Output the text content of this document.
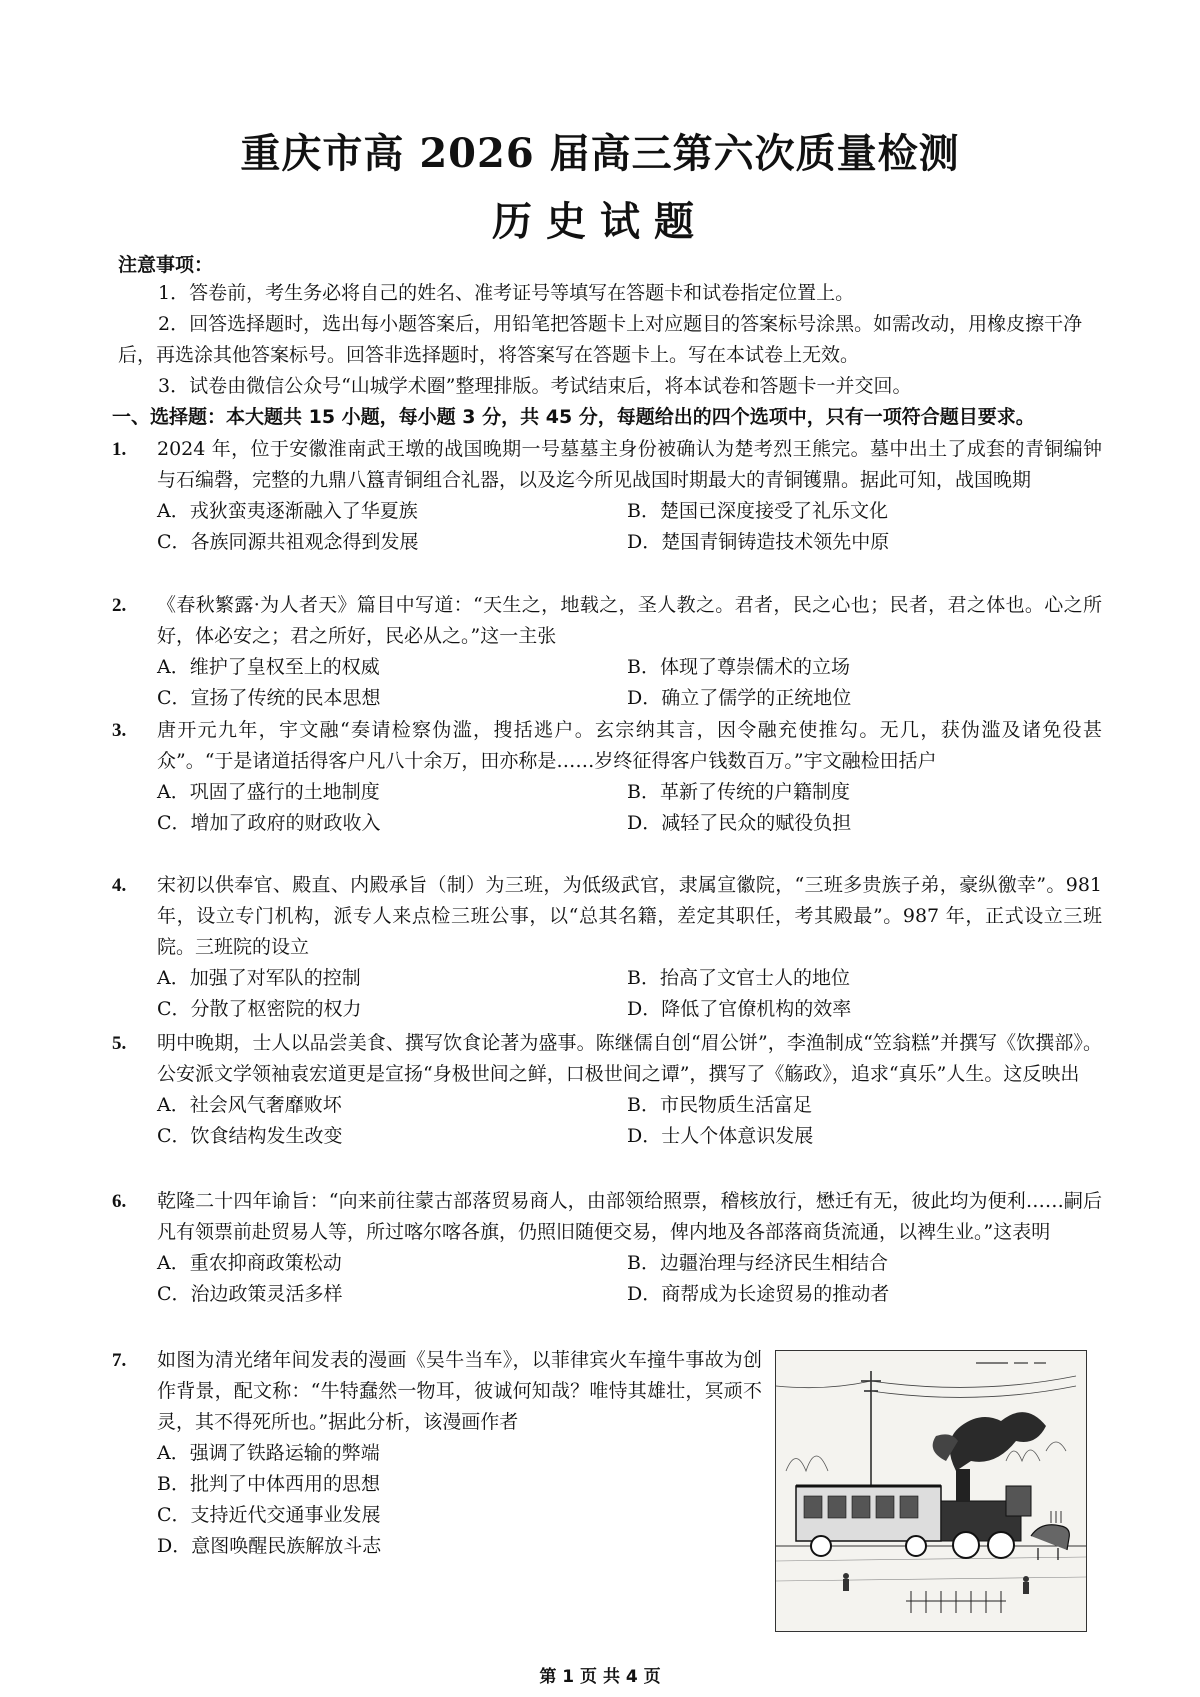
重庆市高 2026 届高三第六次质量检测
历史试题
注意事项：
1．答卷前，考生务必将自己的姓名、准考证号等填写在答题卡和试卷指定位置上。
2．回答选择题时，选出每小题答案后，用铅笔把答题卡上对应题目的答案标号涂黑。如需改动，用橡皮擦干净后，再选涂其他答案标号。回答非选择题时，将答案写在答题卡上。写在本试卷上无效。
3．试卷由微信公众号“山城学术圈”整理排版。考试结束后，将本试卷和答题卡一并交回。
一、选择题：本大题共 15 小题，每小题 3 分，共 45 分，每题给出的四个选项中，只有一项符合题目要求。
1. 2024 年，位于安徽淮南武王墩的战国晚期一号墓墓主身份被确认为楚考烈王熊完。墓中出土了成套的青铜编钟与石编磬，完整的九鼎八簋青铜组合礼器，以及迄今所见战国时期最大的青铜镬鼎。据此可知，战国晚期
A．戎狄蛮夷逐渐融入了华夏族	B．楚国已深度接受了礼乐文化
C．各族同源共祖观念得到发展	D．楚国青铜铸造技术领先中原
2. 《春秋繁露·为人者天》篇目中写道：“天生之，地载之，圣人教之。君者，民之心也；民者，君之体也。心之所好，体必安之；君之所好，民必从之。”这一主张
A．维护了皇权至上的权威	B．体现了尊崇儒术的立场
C．宣扬了传统的民本思想	D．确立了儒学的正统地位
3. 唐开元九年，宇文融“奏请检察伪滥，搜括逃户。玄宗纳其言，因令融充使推勾。无几，获伪滥及诸免役甚众”。“于是诸道括得客户凡八十余万，田亦称是……岁终征得客户钱数百万。”宇文融检田括户
A．巩固了盛行的土地制度	B．革新了传统的户籍制度
C．增加了政府的财政收入	D．减轻了民众的赋役负担
4. 宋初以供奉官、殿直、内殿承旨（制）为三班，为低级武官，隶属宣徽院，“三班多贵族子弟，豪纵徼幸”。981 年，设立专门机构，派专人来点检三班公事，以“总其名籍，差定其职任，考其殿最”。987 年，正式设立三班院。三班院的设立
A．加强了对军队的控制	B．抬高了文官士人的地位
C．分散了枢密院的权力	D．降低了官僚机构的效率
5. 明中晚期，士人以品尝美食、撰写饮食论著为盛事。陈继儒自创“眉公饼”，李渔制成“笠翁糕”并撰写《饮撰部》。公安派文学领袖袁宏道更是宣扬“身极世间之鲜，口极世间之谭”，撰写了《觞政》，追求“真乐”人生。这反映出
A．社会风气奢靡败坏	B．市民物质生活富足
C．饮食结构发生改变	D．士人个体意识发展
6. 乾隆二十四年谕旨：“向来前往蒙古部落贸易商人，由部领给照票，稽核放行，懋迁有无，彼此均为便利……嗣后凡有领票前赴贸易人等，所过喀尔喀各旗，仍照旧随便交易，俾内地及各部落商货流通，以裨生业。”这表明
A．重农抑商政策松动	B．边疆治理与经济民生相结合
C．治边政策灵活多样	D．商帮成为长途贸易的推动者
7. 如图为清光绪年间发表的漫画《吴牛当车》，以菲律宾火车撞牛事故为创作背景，配文称：“牛特蠢然一物耳，彼诚何知哉？唯恃其雄壮，冥顽不灵，其不得死所也。”据此分析，该漫画作者
A．强调了铁路运输的弊端
B．批判了中体西用的思想
C．支持近代交通事业发展
D．意图唤醒民族解放斗志
第 1 页 共 4 页
